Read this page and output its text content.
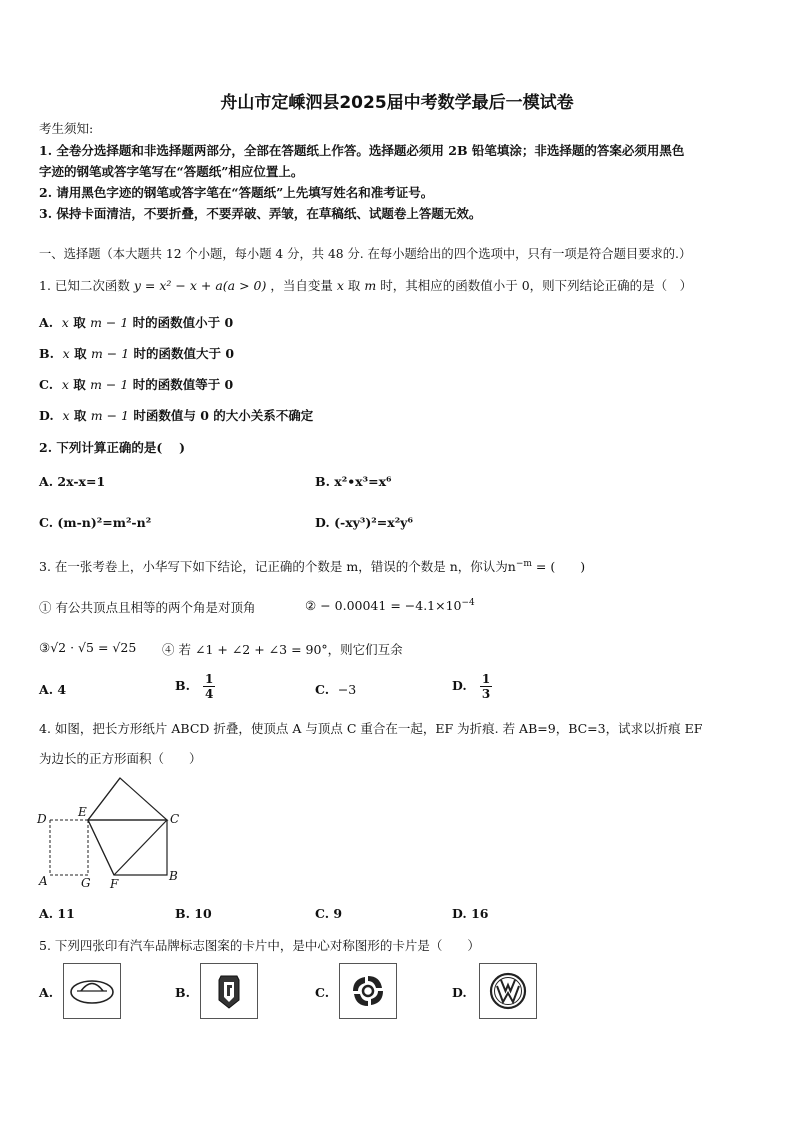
舟山市定嵊泗县2025届中考数学最后一模试卷
考生须知:
1. 全卷分选择题和非选择题两部分，全部在答题纸上作答。选择题必须用 2B 铅笔填涂；非选择题的答案必须用黑色
字迹的钢笔或答字笔写在“答题纸”相应位置上。
2. 请用黑色字迹的钢笔或答字笔在“答题纸”上先填写姓名和准考证号。
3. 保持卡面清洁，不要折叠，不要弄破、弄皱，在草稿纸、试题卷上答题无效。
一、选择题（本大题共 12 个小题，每小题 4 分，共 48 分. 在每小题给出的四个选项中，只有一项是符合题目要求的.）
1. 已知二次函数 y = x² − x + a(a > 0) ，当自变量 x 取 m 时，其相应的函数值小于 0，则下列结论正确的是（　）
A. x 取 m − 1 时的函数值小于 0
B. x 取 m − 1 时的函数值大于 0
C. x 取 m − 1 时的函数值等于 0
D. x 取 m − 1 时函数值与 0 的大小关系不确定
2. 下列计算正确的是(　 )
A. 2x-x=1	B. x²•x³=x⁶
C. (m-n)²=m²-n²	D. (-xy³)²=x²y⁶
3. 在一张考卷上，小华写下如下结论，记正确的个数是 m，错误的个数是 n，你认为$n^{-m}$ = (　　)
① 有公共顶点且相等的两个角是对顶角	② − $0.00041 = -4.1\times 10^{-4}$
③√2 · √5 = √25 ④ 若 ∠1 + ∠2 + ∠3 = 90°，则它们互余
A. 4	B. $\frac{1}{4}$	C. −3	D. $\frac{1}{3}$
4. 如图，把长方形纸片 ABCD 折叠，使顶点 A 与顶点 C 重合在一起，EF 为折痕. 若 AB=9，BC=3，试求以折痕 EF
为边长的正方形面积（　　）
D	E	C
A	G F
B
A. 11	B. 10	C. 9	D. 16
5. 下列四张印有汽车品牌标志图案的卡片中，是中心对称图形的卡片是（　　）
A.	B.	C.	D.
